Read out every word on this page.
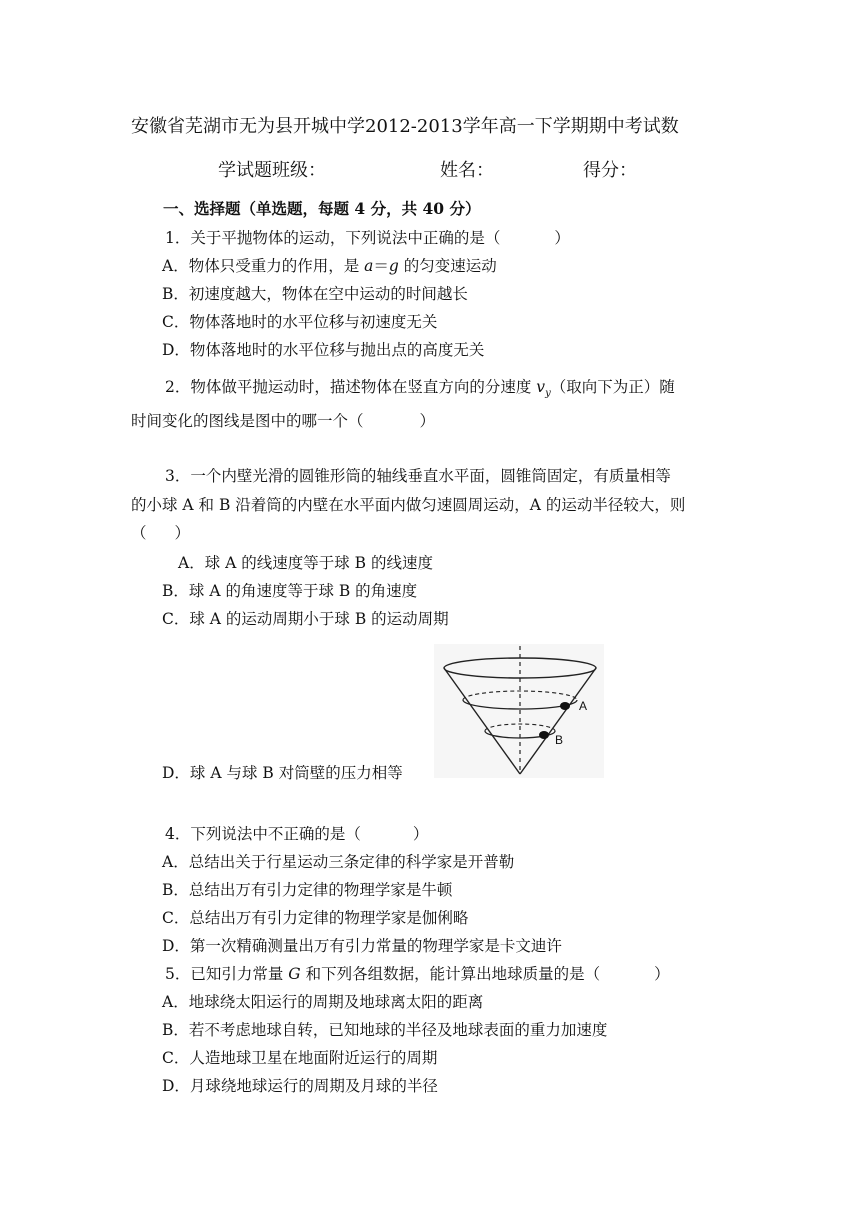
安徽省芜湖市无为县开城中学2012-2013学年高一下学期期中考试数
学试题班级：	姓名：	得分：
一、选择题（单选题，每题 4 分，共 40 分）
1．关于平抛物体的运动，下列说法中正确的是（	）
A．物体只受重力的作用，是 a＝g 的匀变速运动
B．初速度越大，物体在空中运动的时间越长
C．物体落地时的水平位移与初速度无关
D．物体落地时的水平位移与抛出点的高度无关
2．物体做平抛运动时，描述物体在竖直方向的分速度 $v_y$（取向下为正）随
时间变化的图线是图中的哪一个（	）
3．一个内壁光滑的圆锥形筒的轴线垂直水平面，圆锥筒固定，有质量相等
的小球 A 和 B 沿着筒的内壁在水平面内做匀速圆周运动，A 的运动半径较大，则
（ ）
A．球 A 的线速度等于球 B 的线速度
B．球 A 的角速度等于球 B 的角速度
C．球 A 的运动周期小于球 B 的运动周期
A
B
D．球 A 与球 B 对筒壁的压力相等
4．下列说法中不正确的是（	）
A．总结出关于行星运动三条定律的科学家是开普勒
B．总结出万有引力定律的物理学家是牛顿
C．总结出万有引力定律的物理学家是伽俐略
D．第一次精确测量出万有引力常量的物理学家是卡文迪许
5．已知引力常量 G 和下列各组数据，能计算出地球质量的是（	）
A．地球绕太阳运行的周期及地球离太阳的距离
B．若不考虑地球自转，已知地球的半径及地球表面的重力加速度
C．人造地球卫星在地面附近运行的周期
D．月球绕地球运行的周期及月球的半径
